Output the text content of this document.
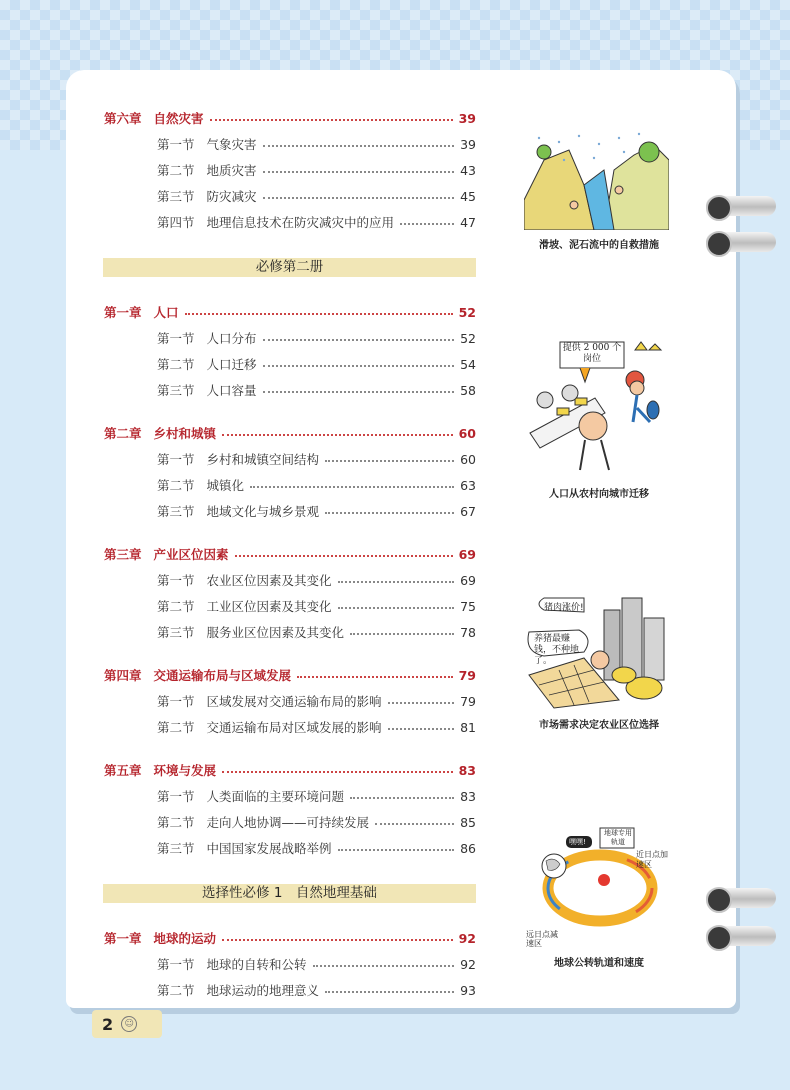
第六章 自然灾害	39
第一节 气象灾害	39
第二节 地质灾害	43
第三节 防灾减灾	45
第四节 地理信息技术在防灾减灾中的应用	47
必修第二册
第一章 人口	52
第一节 人口分布	52
第二节 人口迁移	54
第三节 人口容量	58
第二章 乡村和城镇	60
第一节 乡村和城镇空间结构	60
第二节 城镇化	63
第三节 地域文化与城乡景观	67
第三章 产业区位因素	69
第一节 农业区位因素及其变化	69
第二节 工业区位因素及其变化	75
第三节 服务业区位因素及其变化	78
第四章 交通运输布局与区域发展	79
第一节 区域发展对交通运输布局的影响	79
第二节 交通运输布局对区域发展的影响	81
第五章 环境与发展	83
第一节 人类面临的主要环境问题	83
第二节 走向人地协调——可持续发展	85
第三节 中国国家发展战略举例	86
选择性必修 1　自然地理基础
第一章 地球的运动	92
第一节 地球的自转和公转	92
第二节 地球运动的地理意义	93
滑坡、泥石流中的自救措施
提供 2 000 个岗位
人口从农村向城市迁移
猪肉涨价!
养猪最赚钱，不种地了。
市场需求决定农业区位选择
嘿嘿!
地球专用轨道
近日点加速区
远日点减速区
地球公转轨道和速度
2	☺
